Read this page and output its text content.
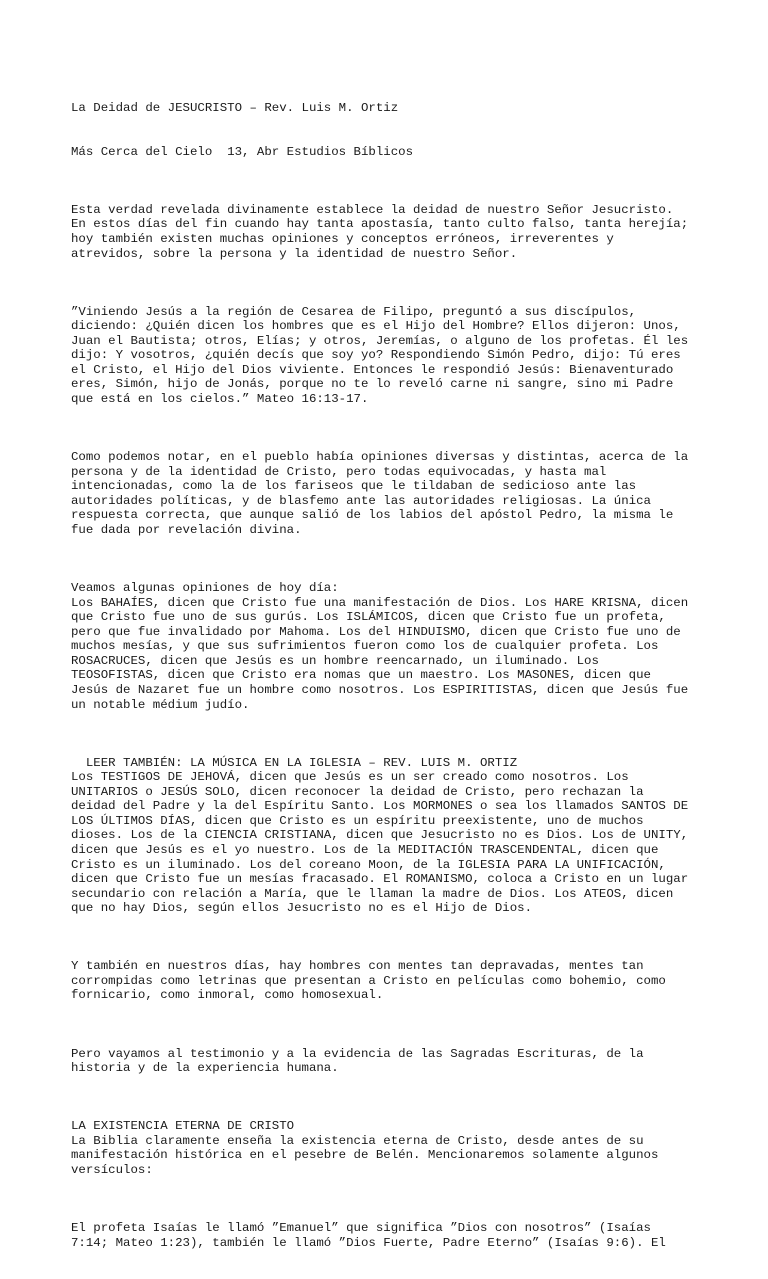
La Deidad de JESUCRISTO – Rev. Luis M. Ortiz

Más Cerca del Cielo  13, Abr Estudios Bíblicos

Esta verdad revelada divinamente establece la deidad de nuestro Señor Jesucristo.
En estos días del fin cuando hay tanta apostasía, tanto culto falso, tanta herejía;
hoy también existen muchas opiniones y conceptos erróneos, irreverentes y
atrevidos, sobre la persona y la identidad de nuestro Señor.

”Viniendo Jesús a la región de Cesarea de Filipo, preguntó a sus discípulos,
diciendo: ¿Quién dicen los hombres que es el Hijo del Hombre? Ellos dijeron: Unos,
Juan el Bautista; otros, Elías; y otros, Jeremías, o alguno de los profetas. Él les
dijo: Y vosotros, ¿quién decís que soy yo? Respondiendo Simón Pedro, dijo: Tú eres
el Cristo, el Hijo del Dios viviente. Entonces le respondió Jesús: Bienaventurado
eres, Simón, hijo de Jonás, porque no te lo reveló carne ni sangre, sino mi Padre
que está en los cielos.” Mateo 16:13-17.

Como podemos notar, en el pueblo había opiniones diversas y distintas, acerca de la
persona y de la identidad de Cristo, pero todas equivocadas, y hasta mal
intencionadas, como la de los fariseos que le tildaban de sedicioso ante las
autoridades políticas, y de blasfemo ante las autoridades religiosas. La única
respuesta correcta, que aunque salió de los labios del apóstol Pedro, la misma le
fue dada por revelación divina.

Veamos algunas opiniones de hoy día:
Los BAHAÍES, dicen que Cristo fue una manifestación de Dios. Los HARE KRISNA, dicen
que Cristo fue uno de sus gurús. Los ISLÁMICOS, dicen que Cristo fue un profeta,
pero que fue invalidado por Mahoma. Los del HINDUISMO, dicen que Cristo fue uno de
muchos mesías, y que sus sufrimientos fueron como los de cualquier profeta. Los
ROSACRUCES, dicen que Jesús es un hombre reencarnado, un iluminado. Los
TEOSOFISTAS, dicen que Cristo era nomas que un maestro. Los MASONES, dicen que
Jesús de Nazaret fue un hombre como nosotros. Los ESPIRITISTAS, dicen que Jesús fue
un notable médium judío.

LEER TAMBIÉN: LA MÚSICA EN LA IGLESIA – REV. LUIS M. ORTIZ
Los TESTIGOS DE JEHOVÁ, dicen que Jesús es un ser creado como nosotros. Los
UNITARIOS o JESÚS SOLO, dicen reconocer la deidad de Cristo, pero rechazan la
deidad del Padre y la del Espíritu Santo. Los MORMONES o sea los llamados SANTOS DE
LOS ÚLTIMOS DÍAS, dicen que Cristo es un espíritu preexistente, uno de muchos
dioses. Los de la CIENCIA CRISTIANA, dicen que Jesucristo no es Dios. Los de UNITY,
dicen que Jesús es el yo nuestro. Los de la MEDITACIÓN TRASCENDENTAL, dicen que
Cristo es un iluminado. Los del coreano Moon, de la IGLESIA PARA LA UNIFICACIÓN,
dicen que Cristo fue un mesías fracasado. El ROMANISMO, coloca a Cristo en un lugar
secundario con relación a María, que le llaman la madre de Dios. Los ATEOS, dicen
que no hay Dios, según ellos Jesucristo no es el Hijo de Dios.

Y también en nuestros días, hay hombres con mentes tan depravadas, mentes tan
corrompidas como letrinas que presentan a Cristo en películas como bohemio, como
fornicario, como inmoral, como homosexual.

Pero vayamos al testimonio y a la evidencia de las Sagradas Escrituras, de la
historia y de la experiencia humana.

LA EXISTENCIA ETERNA DE CRISTO
La Biblia claramente enseña la existencia eterna de Cristo, desde antes de su
manifestación histórica en el pesebre de Belén. Mencionaremos solamente algunos
versículos:

El profeta Isaías le llamó ”Emanuel” que significa ”Dios con nosotros” (Isaías
7:14; Mateo 1:23), también le llamó ”Dios Fuerte, Padre Eterno” (Isaías 9:6). El
